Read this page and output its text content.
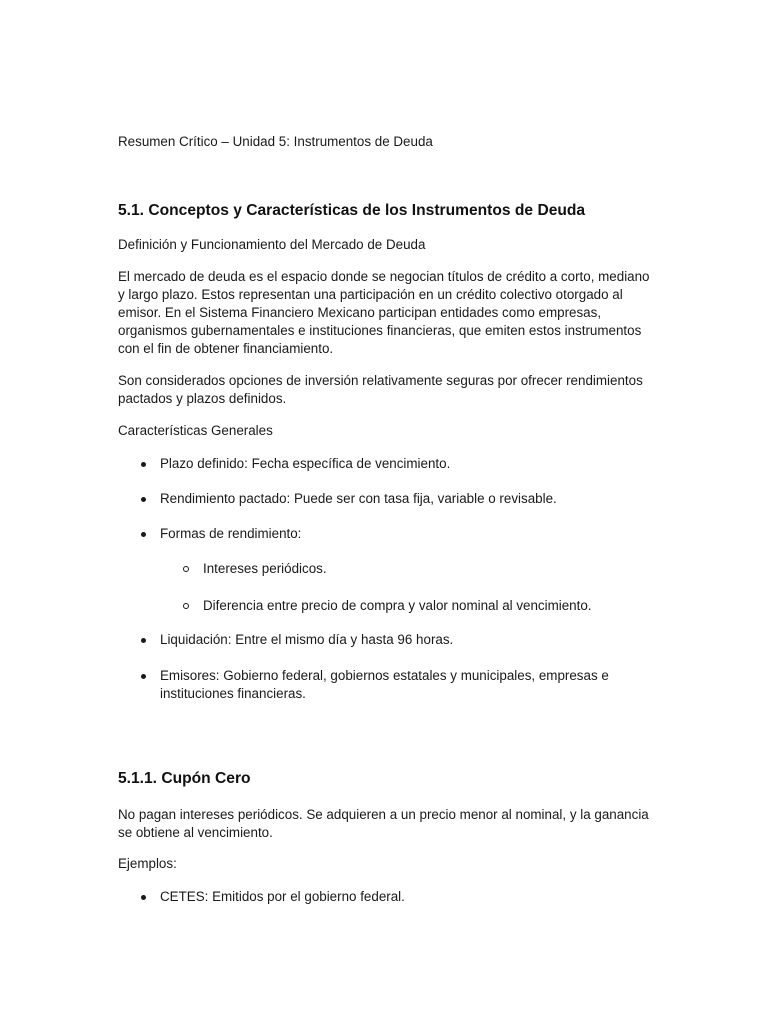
Resumen Crítico – Unidad 5: Instrumentos de Deuda

5.1. Conceptos y Características de los Instrumentos de Deuda

Definición y Funcionamiento del Mercado de Deuda

El mercado de deuda es el espacio donde se negocian títulos de crédito a corto, mediano y largo plazo. Estos representan una participación en un crédito colectivo otorgado al emisor. En el Sistema Financiero Mexicano participan entidades como empresas, organismos gubernamentales e instituciones financieras, que emiten estos instrumentos con el fin de obtener financiamiento.

Son considerados opciones de inversión relativamente seguras por ofrecer rendimientos pactados y plazos definidos.

Características Generales

Plazo definido: Fecha específica de vencimiento.

Rendimiento pactado: Puede ser con tasa fija, variable o revisable.

Formas de rendimiento:

Intereses periódicos.

Diferencia entre precio de compra y valor nominal al vencimiento.

Liquidación: Entre el mismo día y hasta 96 horas.

Emisores: Gobierno federal, gobiernos estatales y municipales, empresas e instituciones financieras.

5.1.1. Cupón Cero

No pagan intereses periódicos. Se adquieren a un precio menor al nominal, y la ganancia se obtiene al vencimiento.

Ejemplos:

CETES: Emitidos por el gobierno federal.
